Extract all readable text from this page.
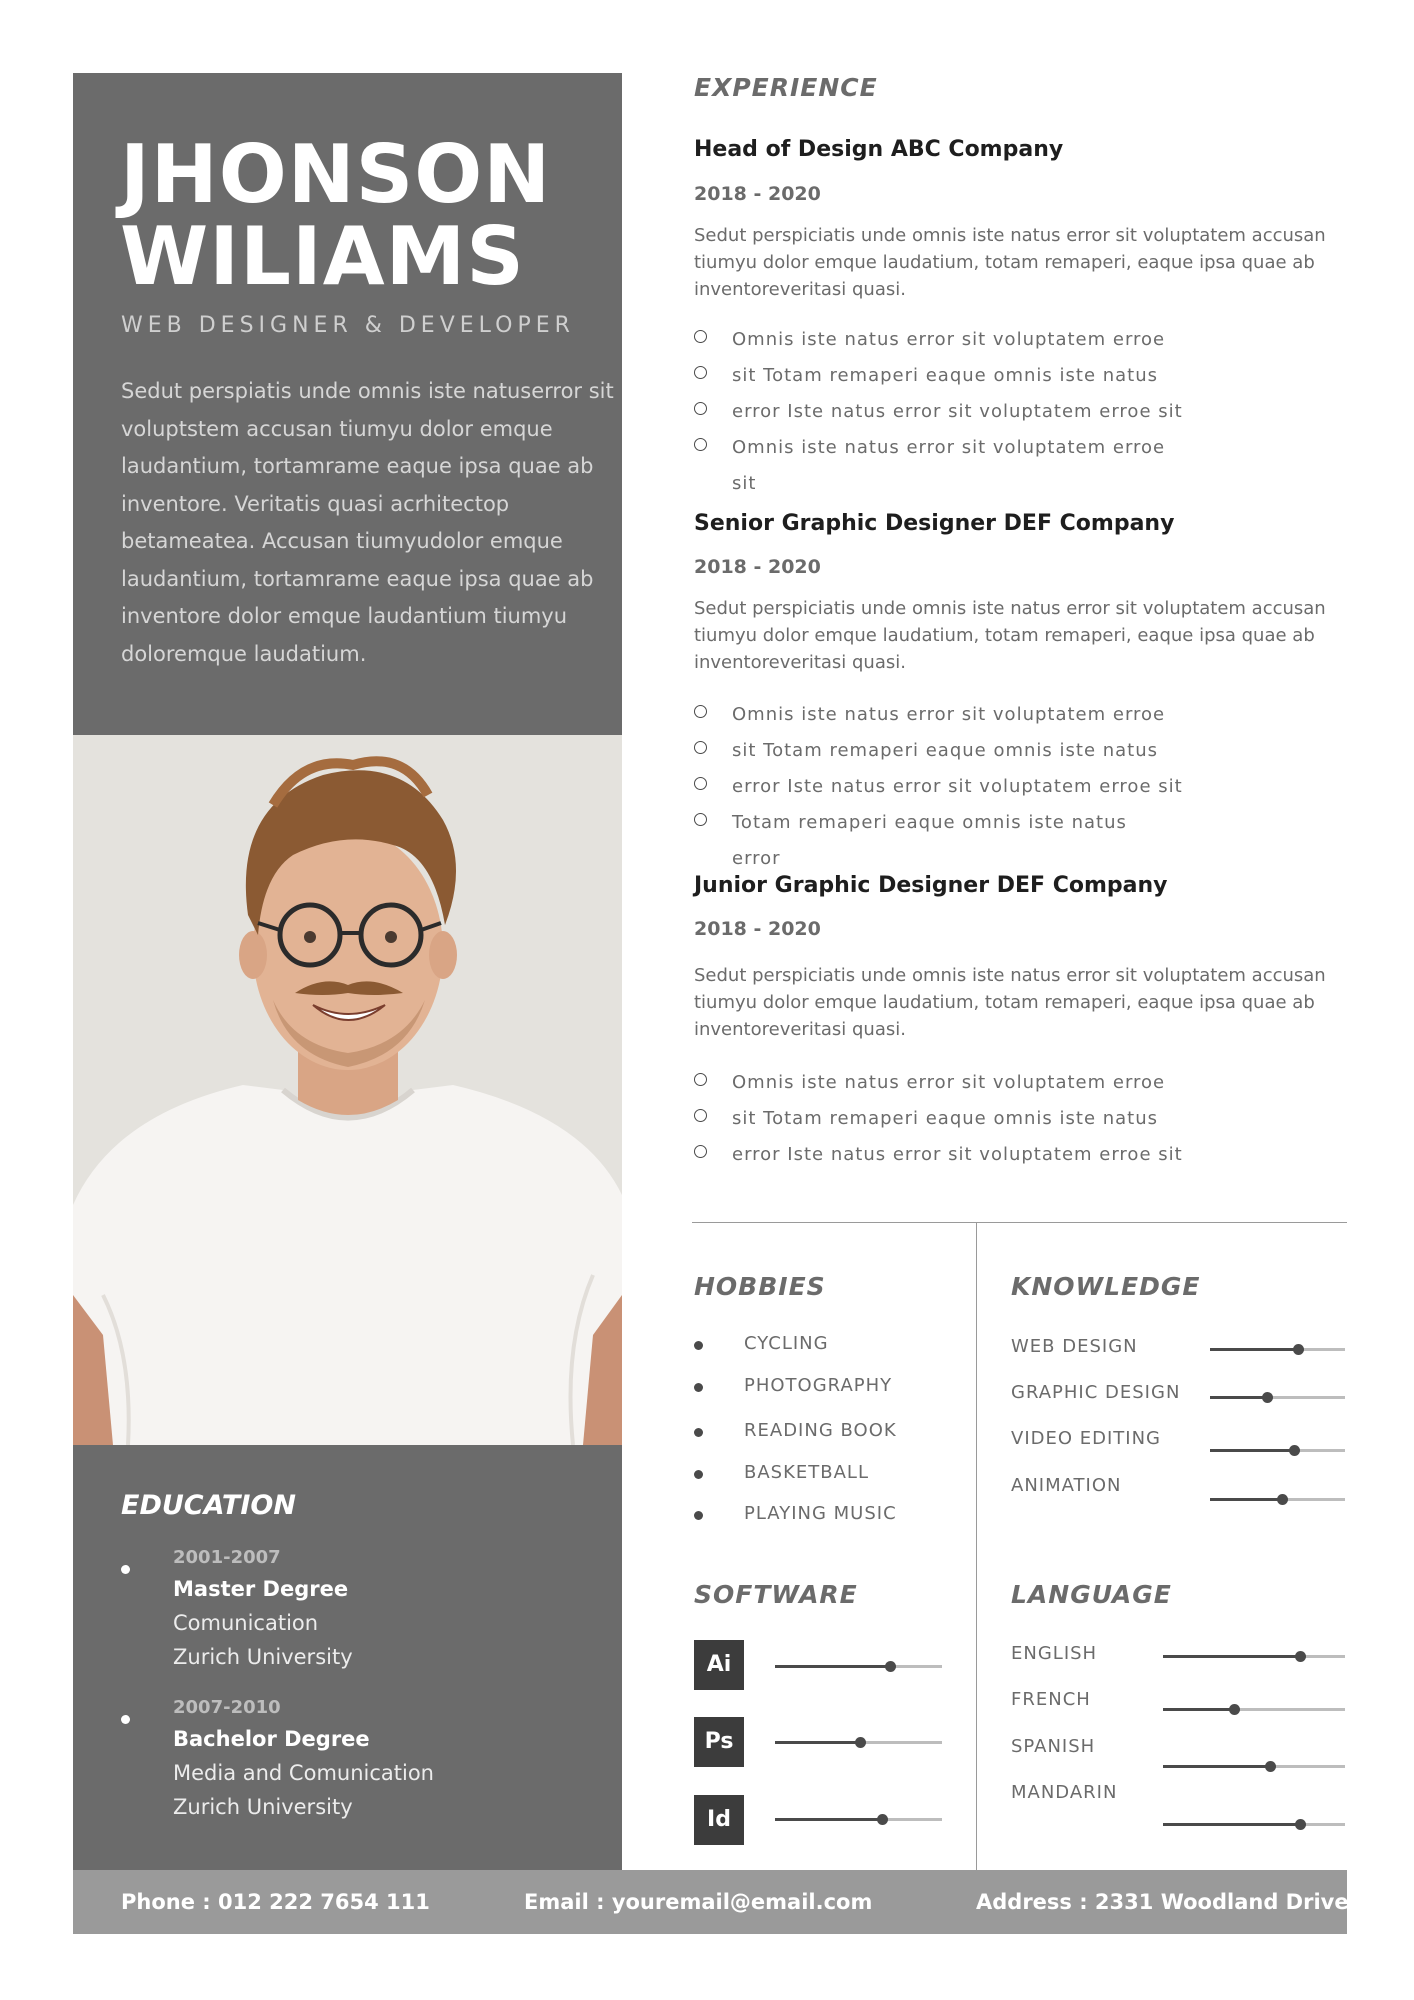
JHONSON
WILIAMS
WEB DESIGNER & DEVELOPER
Sedut perspiatis unde omnis iste natuserror sit voluptstem accusan tiumyu dolor emque laudantium, tortamrame eaque ipsa quae ab inventore. Veritatis quasi acrhitectop betameatea. Accusan tiumyudolor emque laudantium, tortamrame eaque ipsa quae ab inventore dolor emque laudantium tiumyu doloremque laudatium.
EDUCATION
2001-2007
Master Degree
Comunication
Zurich University
2007-2010
Bachelor Degree
Media and Comunication
Zurich University
EXPERIENCE
Head of Design ABC Company
2018 - 2020
Sedut perspiciatis unde omnis iste natus error sit voluptatem accusan tiumyu dolor emque laudatium, totam remaperi, eaque ipsa quae ab inventoreveritasi quasi.
Omnis iste natus error sit voluptatem erroe
sit Totam remaperi eaque omnis iste natus
error Iste natus error sit voluptatem erroe sit
Omnis iste natus error sit voluptatem erroe sit
Senior Graphic Designer DEF Company
2018 - 2020
Sedut perspiciatis unde omnis iste natus error sit voluptatem accusan tiumyu dolor emque laudatium, totam remaperi, eaque ipsa quae ab inventoreveritasi quasi.
Omnis iste natus error sit voluptatem erroe
sit Totam remaperi eaque omnis iste natus
error Iste natus error sit voluptatem erroe sit
Totam remaperi eaque omnis iste natus error
Junior Graphic Designer DEF Company
2018 - 2020
Sedut perspiciatis unde omnis iste natus error sit voluptatem accusan tiumyu dolor emque laudatium, totam remaperi, eaque ipsa quae ab inventoreveritasi quasi.
Omnis iste natus error sit voluptatem erroe
sit Totam remaperi eaque omnis iste natus
error Iste natus error sit voluptatem erroe sit
HOBBIES
CYCLING
PHOTOGRAPHY
READING BOOK
BASKETBALL
PLAYING MUSIC
KNOWLEDGE
WEB DESIGN
GRAPHIC DESIGN
VIDEO EDITING
ANIMATION
SOFTWARE
Ai
Ps
Id
LANGUAGE
ENGLISH
FRENCH
SPANISH
MANDARIN
Phone : 012 222 7654 111	Email : youremail@email.com	Address : 2331 Woodland Drive
